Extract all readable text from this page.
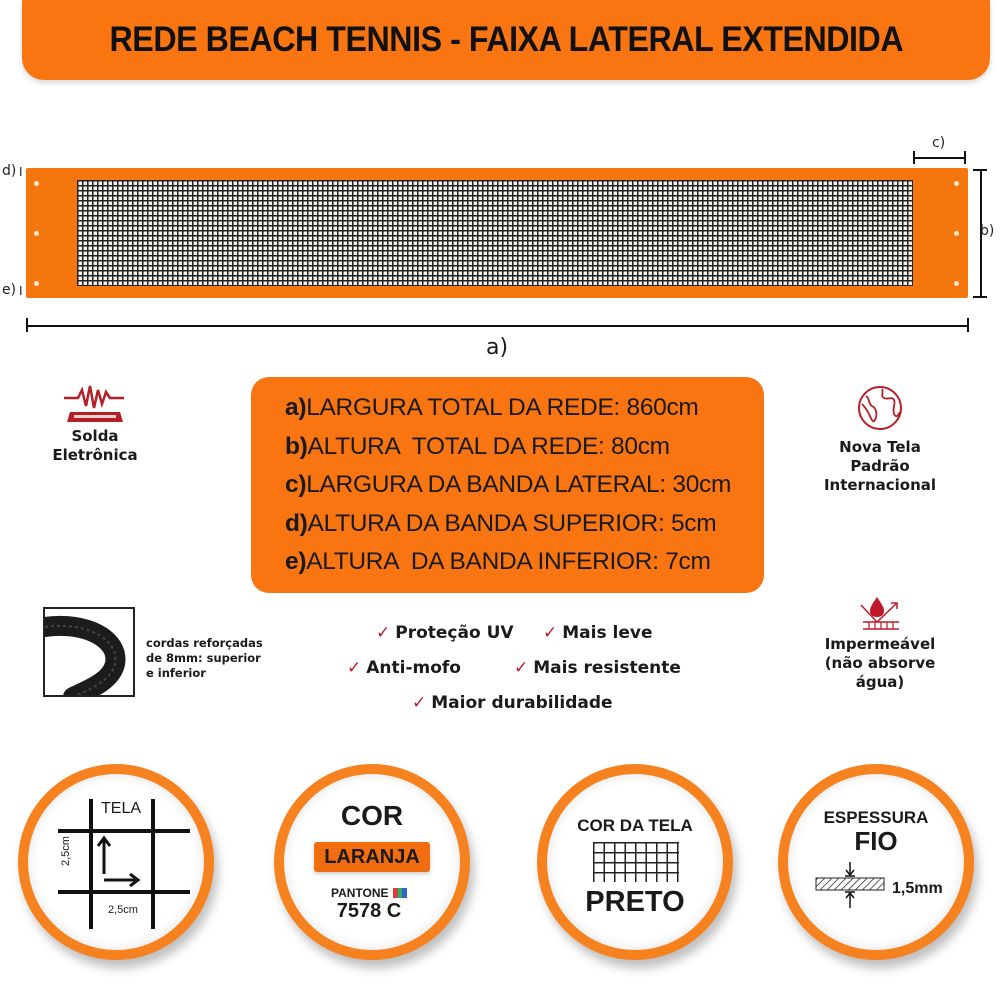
REDE BEACH TENNIS - FAIXA LATERAL EXTENDIDA
d) I
e) I
c)
b)
a)
Solda
Eletrônica
a)LARGURA TOTAL DA REDE: 860cm
b)ALTURA  TOTAL DA REDE: 80cm
c)LARGURA DA BANDA LATERAL: 30cm
d)ALTURA DA BANDA SUPERIOR: 5cm
e)ALTURA  DA BANDA INFERIOR: 7cm
Nova Tela
Padrão
Internacional
cordas reforçadas
de 8mm: superior
e inferior
✓ Proteção UV ✓ Mais leve
✓ Anti-mofo	✓ Mais resistente
✓ Maior durabilidade
Impermeável
(não absorve
água)
TELA
2,5cm
2,5cm
COR
LARANJA
PANTONE
7578 C
COR DA TELA
PRETO
ESPESSURA
FIO
1,5mm
